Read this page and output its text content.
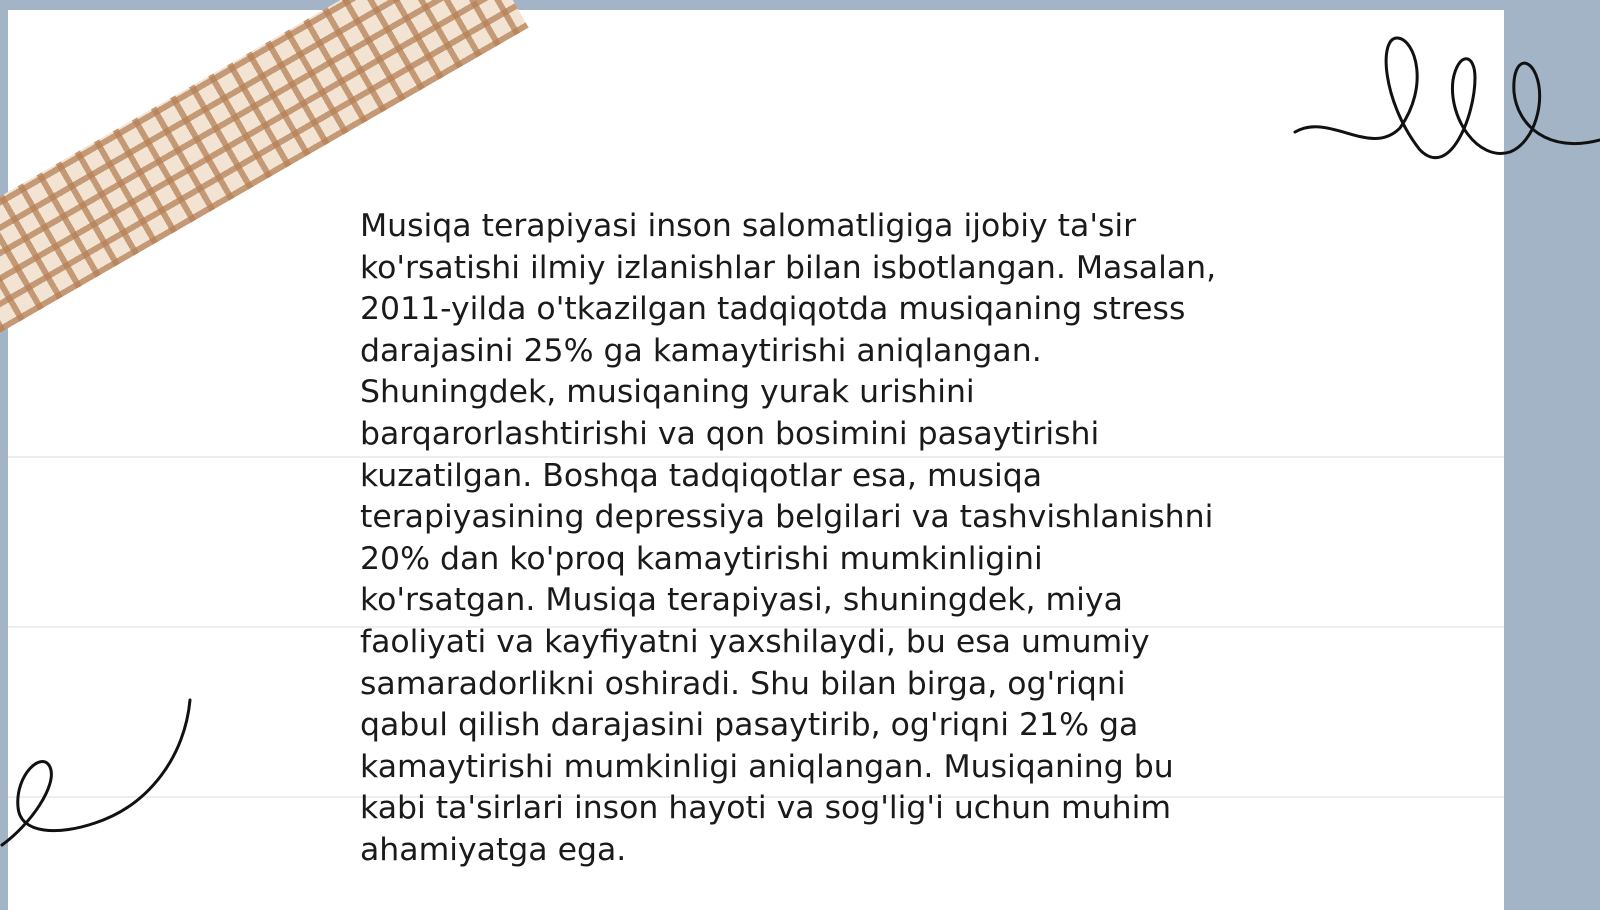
Musiqa terapiyasi inson salomatligiga ijobiy ta'sir
ko'rsatishi ilmiy izlanishlar bilan isbotlangan. Masalan,
2011-yilda o'tkazilgan tadqiqotda musiqaning stress
darajasini 25% ga kamaytirishi aniqlangan.
Shuningdek, musiqaning yurak urishini
barqarorlashtirishi va qon bosimini pasaytirishi
kuzatilgan. Boshqa tadqiqotlar esa, musiqa
terapiyasining depressiya belgilari va tashvishlanishni
20% dan ko'proq kamaytirishi mumkinligini
ko'rsatgan. Musiqa terapiyasi, shuningdek, miya
faoliyati va kayfiyatni yaxshilaydi, bu esa umumiy
samaradorlikni oshiradi. Shu bilan birga, og'riqni
qabul qilish darajasini pasaytirib, og'riqni 21% ga
kamaytirishi mumkinligi aniqlangan. Musiqaning bu
kabi ta'sirlari inson hayoti va sog'lig'i uchun muhim
ahamiyatga ega.
